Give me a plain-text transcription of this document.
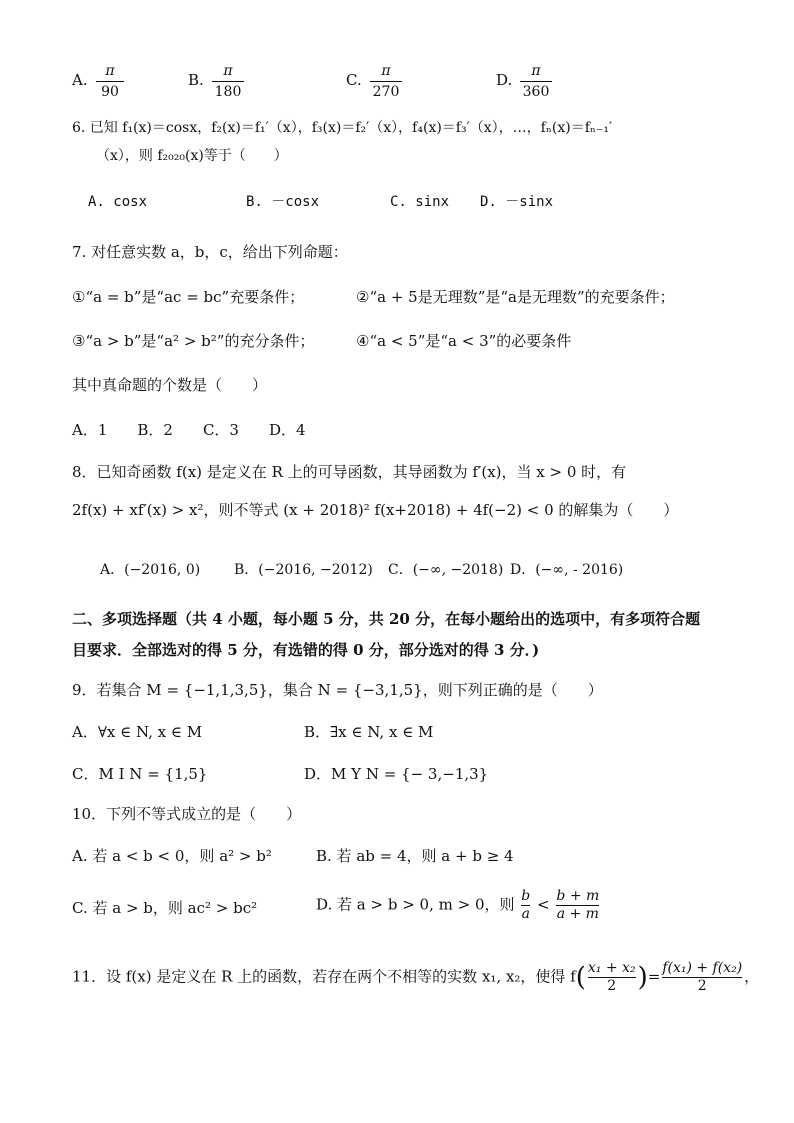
A.	π
90
B.	π
180
C.	π
270
D.	π
360
6. 已知 f₁(x)＝cosx，f₂(x)＝f₁′（x），f₃(x)＝f₂′（x），f₄(x)＝f₃′（x），…，fₙ(x)＝fₙ₋₁′
（x），则 f₂₀₂₀(x)等于（　　）
A. cosx	B. －cosx	C. sinx D. －sinx
7. 对任意实数 a，b，c，给出下列命题：
①“a = b”是“ac = bc”充要条件；	②“a + 5是无理数”是“a是无理数”的充要条件；
③“a > b”是“a² > b²”的充分条件；	④“a < 5”是“a < 3”的必要条件
其中真命题的个数是（　　）
A．1　　B．2　　C．3　　D．4
8．已知奇函数 f(x) 是定义在 R 上的可导函数，其导函数为 f′(x)，当 x > 0 时，有
2f(x) + xf′(x) > x²，则不等式 (x + 2018)² f(x+2018) + 4f(−2) < 0 的解集为（　　）
A．(−2016, 0) B．(−2016, −2012) C．(−∞, −2018) D．(−∞, - 2016)
二、多项选择题（共 4 小题，每小题 5 分，共 20 分，在每小题给出的选项中，有多项符合题
目要求．全部选对的得 5 分，有选错的得 0 分，部分选对的得 3 分．)
9．若集合 M = {−1,1,3,5}，集合 N = {−3,1,5}，则下列正确的是（　　）
A．∀x ∈ N, x ∈ M	B．∃x ∈ N, x ∈ M
C．M I N = {1,5}	D．M Y N = {− 3,−1,3}
10．下列不等式成立的是（　　）
A. 若 a < b < 0，则 a² > b²	B. 若 ab = 4，则 a + b ≥ 4
C. 若 a > b，则 ac² > bc²	D. 若 a > b > 0, m > 0，则 $\frac{b}{a} < \frac{b + m}{a + m}$
11．设 f(x) 是定义在 R 上的函数，若存在两个不相等的实数 x₁, x₂，使得 $f( \frac{\text{x₁ + x₂}}{2}$ )= $\frac{\text{f(x₁) + f(x₂)}}{2}$ ，
